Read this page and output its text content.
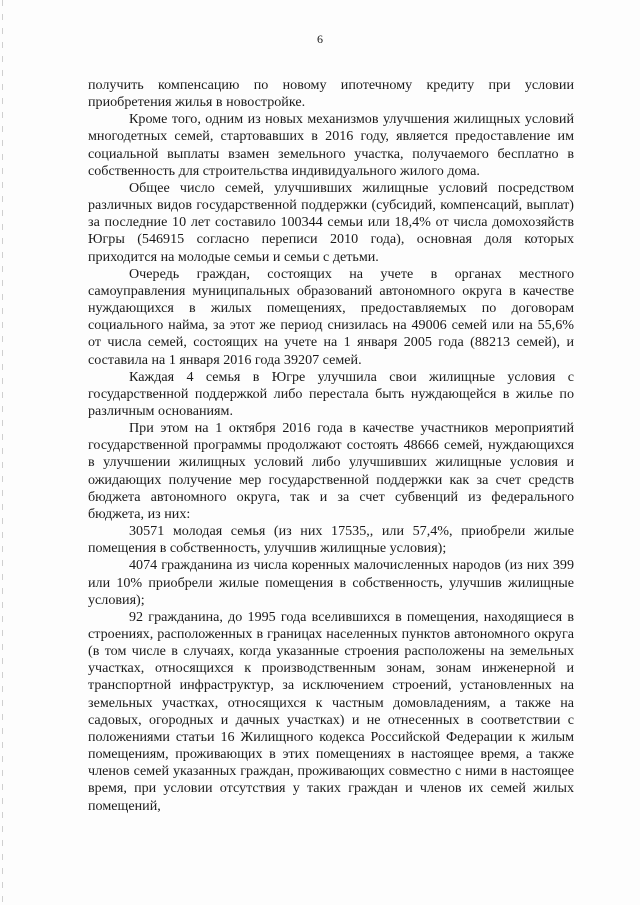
6

получить компенсацию по новому ипотечному кредиту при условии приобретения жилья в новостройке.

Кроме того, одним из новых механизмов улучшения жилищных условий многодетных семей, стартовавших в 2016 году, является предоставление им социальной выплаты взамен земельного участка, получаемого бесплатно в собственность для строительства индивидуального жилого дома.

Общее число семей, улучшивших жилищные условий посредством различных видов государственной поддержки (субсидий, компенсаций, выплат) за последние 10 лет составило 100344 семьи или 18,4% от числа домохозяйств Югры (546915 согласно переписи 2010 года), основная доля которых приходится на молодые семьи и семьи с детьми.

Очередь граждан, состоящих на учете в органах местного самоуправления муниципальных образований автономного округа в качестве нуждающихся в жилых помещениях, предоставляемых по договорам социального найма, за этот же период снизилась на 49006 семей или на 55,6% от числа семей, состоящих на учете на 1 января 2005 года (88213 семей), и составила на 1 января 2016 года 39207 семей.

Каждая 4 семья в Югре улучшила свои жилищные условия с государственной поддержкой либо перестала быть нуждающейся в жилье по различным основаниям.

При этом на 1 октября 2016 года в качестве участников мероприятий государственной программы продолжают состоять 48666 семей, нуждающихся в улучшении жилищных условий либо улучшивших жилищные условия и ожидающих получение мер государственной поддержки как за счет средств бюджета автономного округа, так и за счет субвенций из федерального бюджета, из них:

30571 молодая семья (из них 17535,, или 57,4%, приобрели жилые помещения в собственность, улучшив жилищные условия);

4074 гражданина из числа коренных малочисленных народов (из них 399 или 10% приобрели жилые помещения в собственность, улучшив жилищные условия);

92 гражданина, до 1995 года вселившихся в помещения, находящиеся в строениях, расположенных в границах населенных пунктов автономного округа (в том числе в случаях, когда указанные строения расположены на земельных участках, относящихся к производственным зонам, зонам инженерной и транспортной инфраструктур, за исключением строений, установленных на земельных участках, относящихся к частным домовладениям, а также на садовых, огородных и дачных участках) и не отнесенных в соответствии с положениями статьи 16 Жилищного кодекса Российской Федерации к жилым помещениям, проживающих в этих помещениях в настоящее время, а также членов семей указанных граждан, проживающих совместно с ними в настоящее время, при условии отсутствия у таких граждан и членов их семей жилых помещений,
